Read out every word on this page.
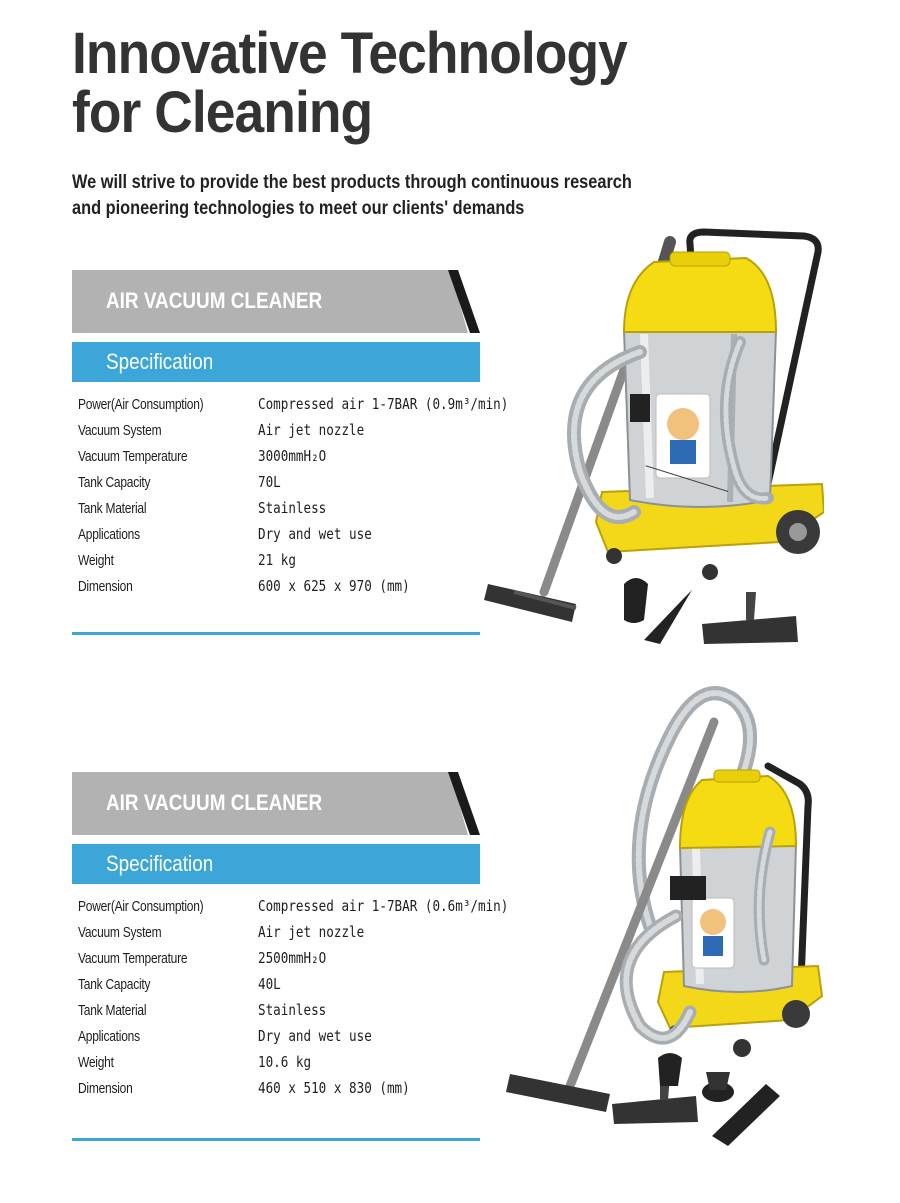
Innovative Technology
for Cleaning

We will strive to provide the best products through continuous research
and pioneering technologies to meet our clients' demands

AIR VACUUM CLEANER
Specification
Power(Air Consumption)	Compressed air 1-7BAR (0.9m³/min)
Vacuum System	Air jet nozzle
Vacuum Temperature	3000mmH₂O
Tank Capacity	70L
Tank Material	Stainless
Applications	Dry and wet use
Weight	21 kg
Dimension	600 x 625 x 970 (mm)
AIR VACUUM CLEANER
Specification
Power(Air Consumption)	Compressed air 1-7BAR (0.6m³/min)
Vacuum System	Air jet nozzle
Vacuum Temperature	2500mmH₂O
Tank Capacity	40L
Tank Material	Stainless
Applications	Dry and wet use
Weight	10.6 kg
Dimension	460 x 510 x 830 (mm)
